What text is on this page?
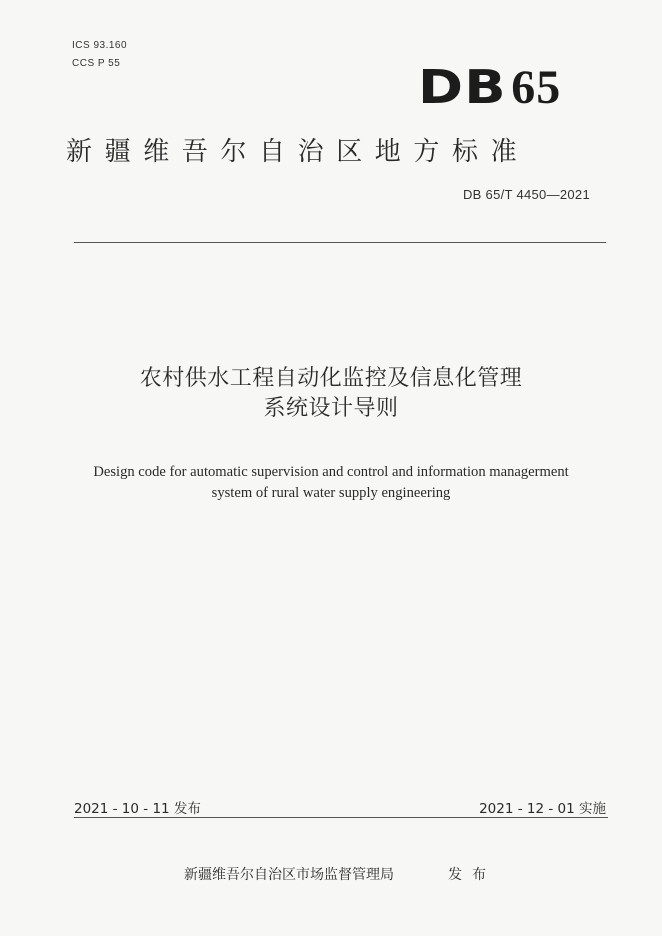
ICS 93.160
CCS P 55	DB 65
新疆维吾尔自治区地方标准
DB 65/T 4450—2021
农村供水工程自动化监控及信息化管理
系统设计导则
Design code for automatic supervision and control and information managerment
system of rural water supply engineering
2021 - 10 - 11 发布	2021 - 12 - 01 实施
新疆维吾尔自治区市场监督管理局	发布
